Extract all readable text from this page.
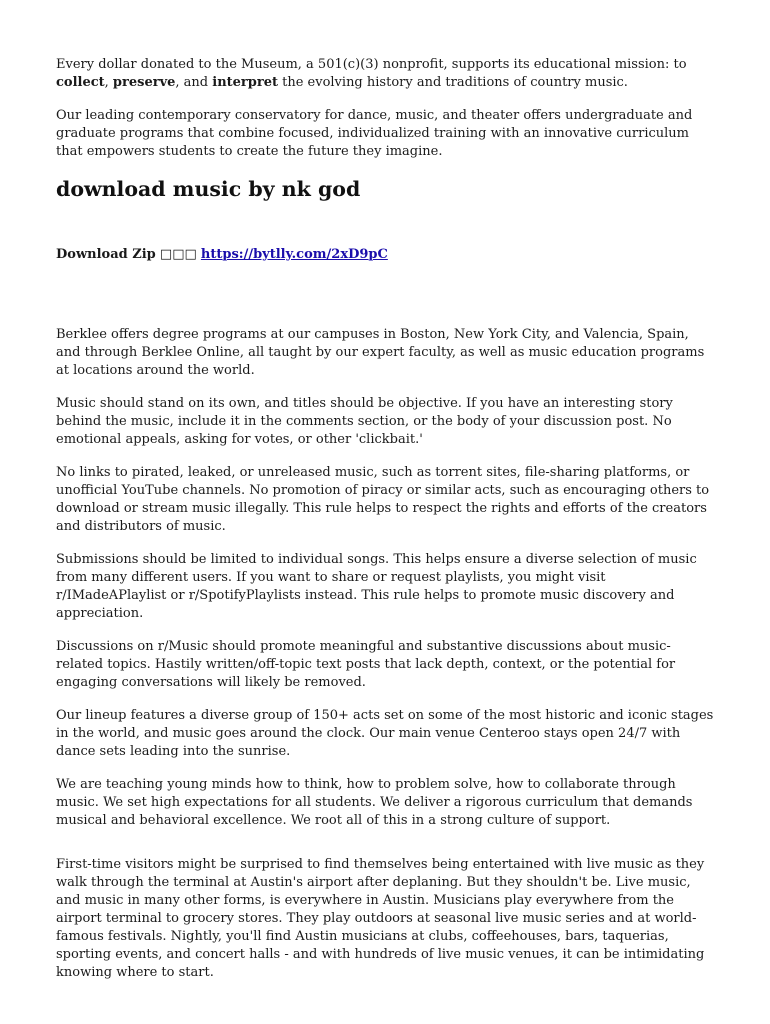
Every dollar donated to the Museum, a 501(c)(3) nonprofit, supports its educational mission: to collect, preserve, and interpret the evolving history and traditions of country music.

Our leading contemporary conservatory for dance, music, and theater offers undergraduate and graduate programs that combine focused, individualized training with an innovative curriculum that empowers students to create the future they imagine.

download music by nk god
Download Zip □□□ https://bytlly.com/2xD9pC

Berklee offers degree programs at our campuses in Boston, New York City, and Valencia, Spain, and through Berklee Online, all taught by our expert faculty, as well as music education programs at locations around the world.

Music should stand on its own, and titles should be objective. If you have an interesting story behind the music, include it in the comments section, or the body of your discussion post. No emotional appeals, asking for votes, or other 'clickbait.'

No links to pirated, leaked, or unreleased music, such as torrent sites, file-sharing platforms, or unofficial YouTube channels. No promotion of piracy or similar acts, such as encouraging others to download or stream music illegally. This rule helps to respect the rights and efforts of the creators and distributors of music.

Submissions should be limited to individual songs. This helps ensure a diverse selection of music from many different users. If you want to share or request playlists, you might visit r/IMadeAPlaylist or r/SpotifyPlaylists instead. This rule helps to promote music discovery and appreciation.

Discussions on r/Music should promote meaningful and substantive discussions about music-related topics. Hastily written/off-topic text posts that lack depth, context, or the potential for engaging conversations will likely be removed.

Our lineup features a diverse group of 150+ acts set on some of the most historic and iconic stages in the world, and music goes around the clock. Our main venue Centeroo stays open 24/7 with dance sets leading into the sunrise.

We are teaching young minds how to think, how to problem solve, how to collaborate through music. We set high expectations for all students. We deliver a rigorous curriculum that demands musical and behavioral excellence. We root all of this in a strong culture of support.

First-time visitors might be surprised to find themselves being entertained with live music as they walk through the terminal at Austin's airport after deplaning. But they shouldn't be. Live music, and music in many other forms, is everywhere in Austin. Musicians play everywhere from the airport terminal to grocery stores. They play outdoors at seasonal live music series and at world-famous festivals. Nightly, you'll find Austin musicians at clubs, coffeehouses, bars, taquerias, sporting events, and concert halls - and with hundreds of live music venues, it can be intimidating knowing where to start.
